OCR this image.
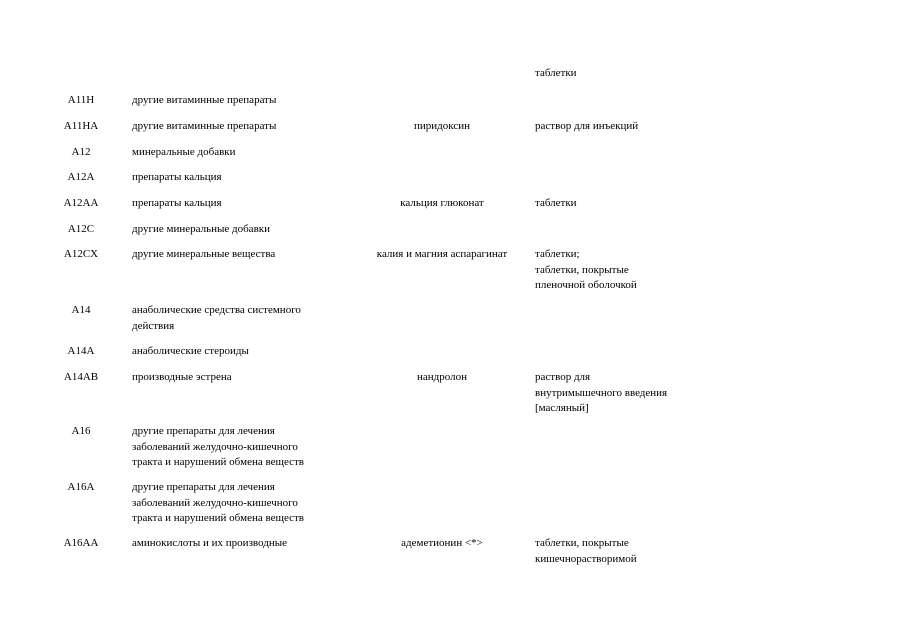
таблетки
A11H	другие витаминные препараты
A11HA	другие витаминные препараты	пиридоксин	раствор для инъекций
A12	минеральные добавки
A12A	препараты кальция
A12AA	препараты кальция	кальция глюконат	таблетки
A12C	другие минеральные добавки
A12CX	другие минеральные вещества	калия и магния аспарагинат	таблетки;
таблетки, покрытые
пленочной оболочкой
A14	анаболические средства системного
действия
A14A	анаболические стероиды
A14AB	производные эстрена	нандролон	раствор для
внутримышечного введения
[масляный]
A16	другие препараты для лечения
заболеваний желудочно-кишечного
тракта и нарушений обмена веществ
A16A	другие препараты для лечения
заболеваний желудочно-кишечного
тракта и нарушений обмена веществ
A16AA	аминокислоты и их производные	адеметионин <*>	таблетки, покрытые
кишечнорастворимой
